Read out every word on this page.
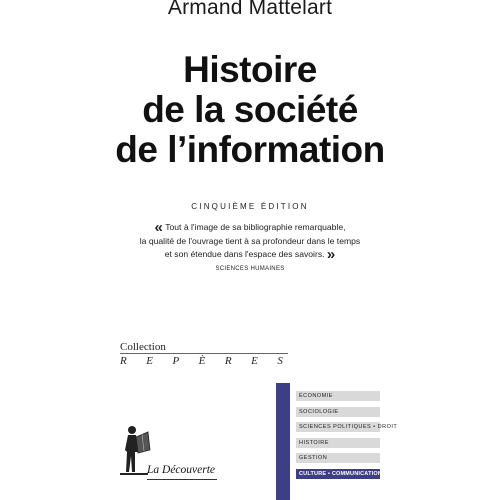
Armand Mattelart
Histoire
de la société
de l’information
CINQUIÈME ÉDITION
« Tout à l'image de sa bibliographie remarquable,
la qualité de l'ouvrage tient à sa profondeur dans le temps
et son étendue dans l'espace des savoirs. »
SCIENCES HUMAINES
Collection
REPÈRES
ÉCONOMIE
SOCIOLOGIE
SCIENCES POLITIQUES • DROIT
HISTOIRE
GESTION
CULTURE • COMMUNICATION
La Découverte
